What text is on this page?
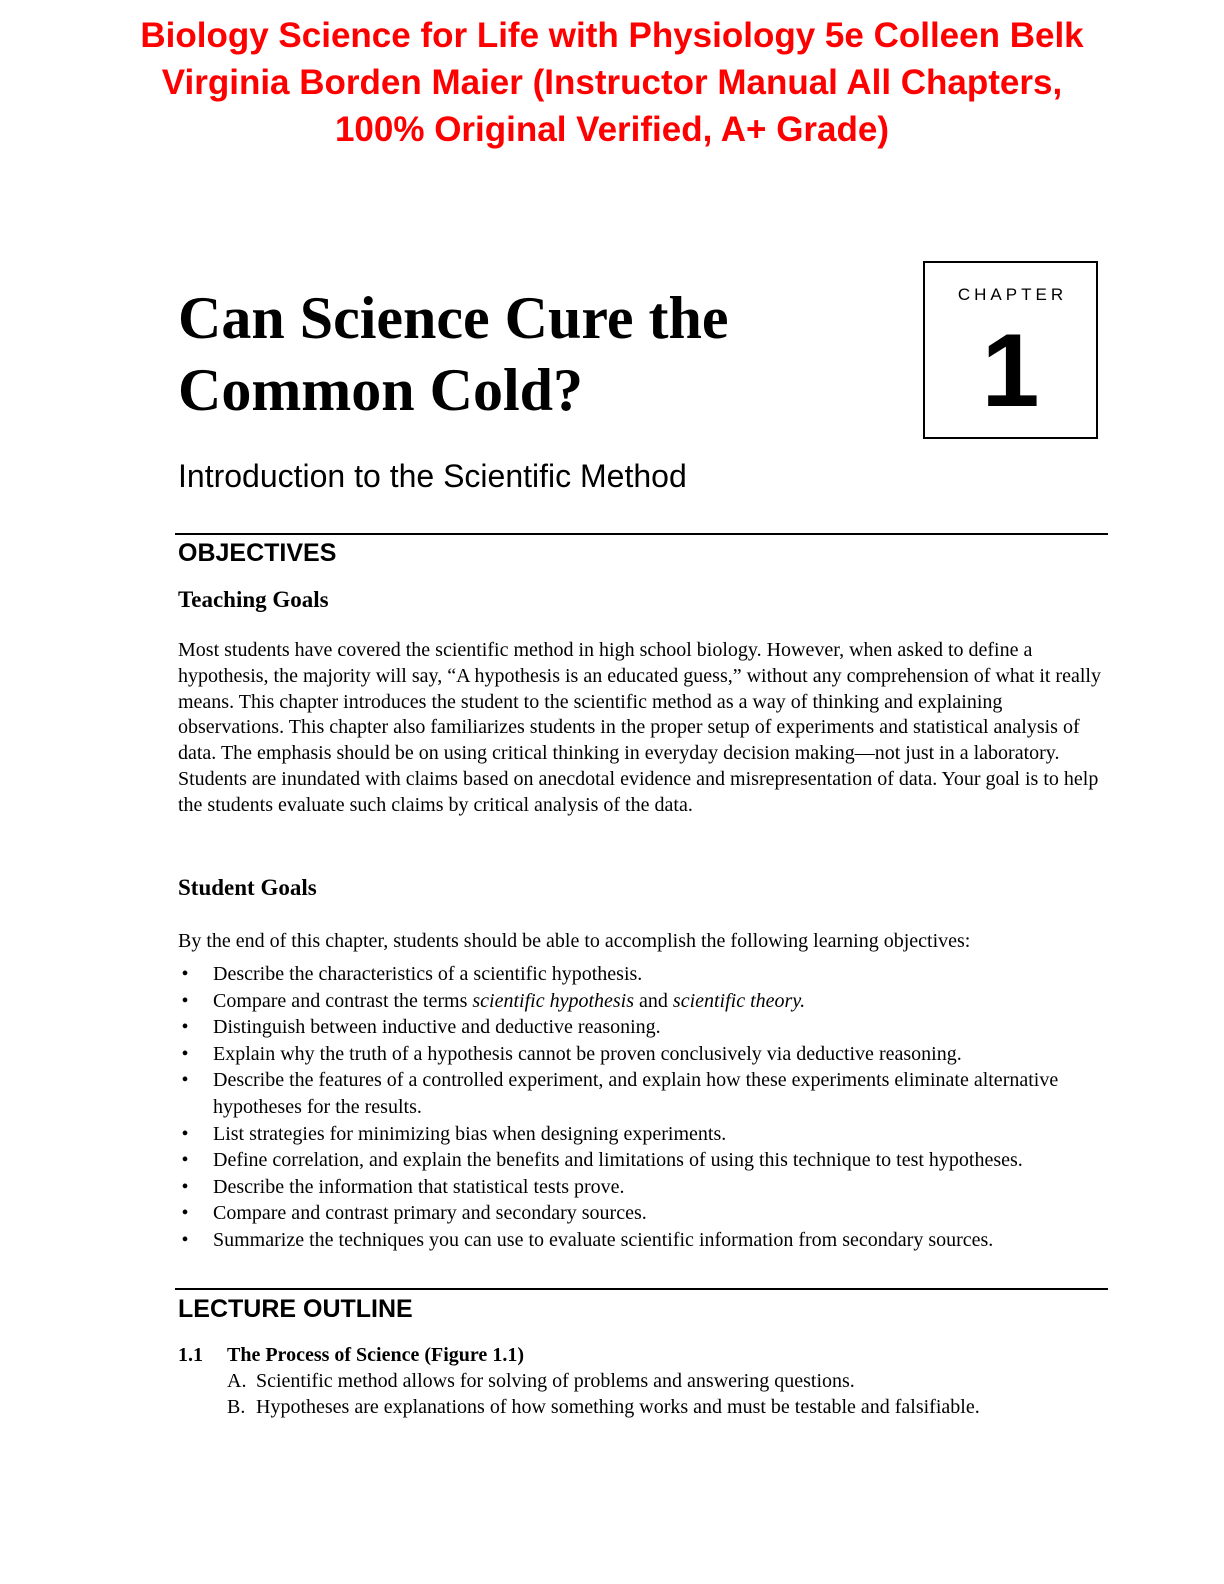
Biology Science for Life with Physiology 5e Colleen Belk
Virginia Borden Maier (Instructor Manual All Chapters,
100% Original Verified, A+ Grade)
Can Science Cure the
Common Cold?
CHAPTER
1
Introduction to the Scientific Method
OBJECTIVES
Teaching Goals
Most students have covered the scientific method in high school biology. However, when asked to define a hypothesis, the majority will say, “A hypothesis is an educated guess,” without any comprehension of what it really means. This chapter introduces the student to the scientific method as a way of thinking and explaining observations. This chapter also familiarizes students in the proper setup of experiments and statistical analysis of data. The emphasis should be on using critical thinking in everyday decision making—not just in a laboratory. Students are inundated with claims based on anecdotal evidence and misrepresentation of data. Your goal is to help the students evaluate such claims by critical analysis of the data.
Student Goals
By the end of this chapter, students should be able to accomplish the following learning objectives:
• Describe the characteristics of a scientific hypothesis.
• Compare and contrast the terms scientific hypothesis and scientific theory.
• Distinguish between inductive and deductive reasoning.
• Explain why the truth of a hypothesis cannot be proven conclusively via deductive reasoning.
• Describe the features of a controlled experiment, and explain how these experiments eliminate alternative hypotheses for the results.
• List strategies for minimizing bias when designing experiments.
• Define correlation, and explain the benefits and limitations of using this technique to test hypotheses.
• Describe the information that statistical tests prove.
• Compare and contrast primary and secondary sources.
• Summarize the techniques you can use to evaluate scientific information from secondary sources.
LECTURE OUTLINE
1.1 The Process of Science (Figure 1.1)
A. Scientific method allows for solving of problems and answering questions.
B. Hypotheses are explanations of how something works and must be testable and falsifiable.
